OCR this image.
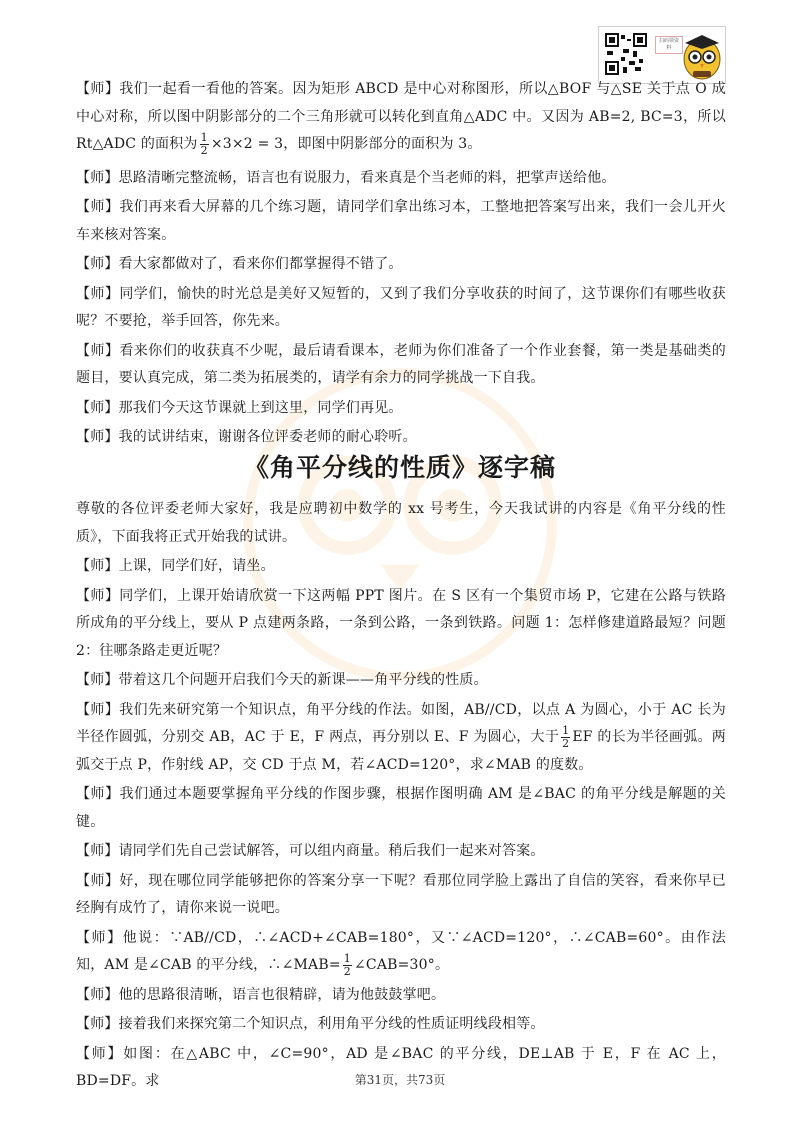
扫码领资料

【师】我们一起看一看他的答案。因为矩形 ABCD 是中心对称图形，所以△BOF 与△SE 关于点 O 成中心对称，所以图中阴影部分的二个三角形就可以转化到直角△ADC 中。又因为 AB=2, BC=3，所以 Rt△ADC 的面积为 $\frac{1}{2} \times 3\times 2 = 3$，即图中阴影部分的面积为 3。

【师】思路清晰完整流畅，语言也有说服力，看来真是个当老师的料，把掌声送给他。

【师】我们再来看大屏幕的几个练习题，请同学们拿出练习本，工整地把答案写出来，我们一会儿开火车来核对答案。

【师】看大家都做对了，看来你们都掌握得不错了。

【师】同学们，愉快的时光总是美好又短暂的，又到了我们分享收获的时间了，这节课你们有哪些收获呢？不要抢，举手回答，你先来。

【师】看来你们的收获真不少呢，最后请看课本，老师为你们准备了一个作业套餐，第一类是基础类的题目，要认真完成，第二类为拓展类的，请学有余力的同学挑战一下自我。

【师】那我们今天这节课就上到这里，同学们再见。

【师】我的试讲结束，谢谢各位评委老师的耐心聆听。

《角平分线的性质》逐字稿

尊敬的各位评委老师大家好，我是应聘初中数学的 xx 号考生，今天我试讲的内容是《角平分线的性质》，下面我将正式开始我的试讲。

【师】上课，同学们好，请坐。

【师】同学们，上课开始请欣赏一下这两幅 PPT 图片。在 S 区有一个集贸市场 P，它建在公路与铁路所成角的平分线上，要从 P 点建两条路，一条到公路，一条到铁路。问题 1：怎样修建道路最短？问题 2：往哪条路走更近呢？

【师】带着这几个问题开启我们今天的新课——角平分线的性质。

【师】我们先来研究第一个知识点，角平分线的作法。如图，AB//CD，以点 A 为圆心，小于 AC 长为半径作圆弧，分别交 AB，AC 于 E，F 两点，再分别以 E、F 为圆心，大于 $\frac{1}{2}$ EF 的长为半径画弧。两弧交于点 P，作射线 AP，交 CD 于点 M，若∠ACD=120°，求∠MAB 的度数。

【师】我们通过本题要掌握角平分线的作图步骤，根据作图明确 AM 是∠BAC 的角平分线是解题的关键。

【师】请同学们先自己尝试解答，可以组内商量。稍后我们一起来对答案。

【师】好，现在哪位同学能够把你的答案分享一下呢？看那位同学脸上露出了自信的笑容，看来你早已经胸有成竹了，请你来说一说吧。

【师】他说：∵AB//CD，∴∠ACD+∠CAB=180°，又∵∠ACD=120°，∴∠CAB=60°。由作法知，AM 是∠CAB 的平分线，∴∠MAB= $\frac{1}{2}$ ∠CAB=30°。

【师】他的思路很清晰，语言也很精辟，请为他鼓鼓掌吧。

【师】接着我们来探究第二个知识点，利用角平分线的性质证明线段相等。

【师】如图：在△ABC 中，∠C=90°，AD 是∠BAC 的平分线，DE⊥AB 于 E，F 在 AC 上，BD=DF。求	第31页，共73页
